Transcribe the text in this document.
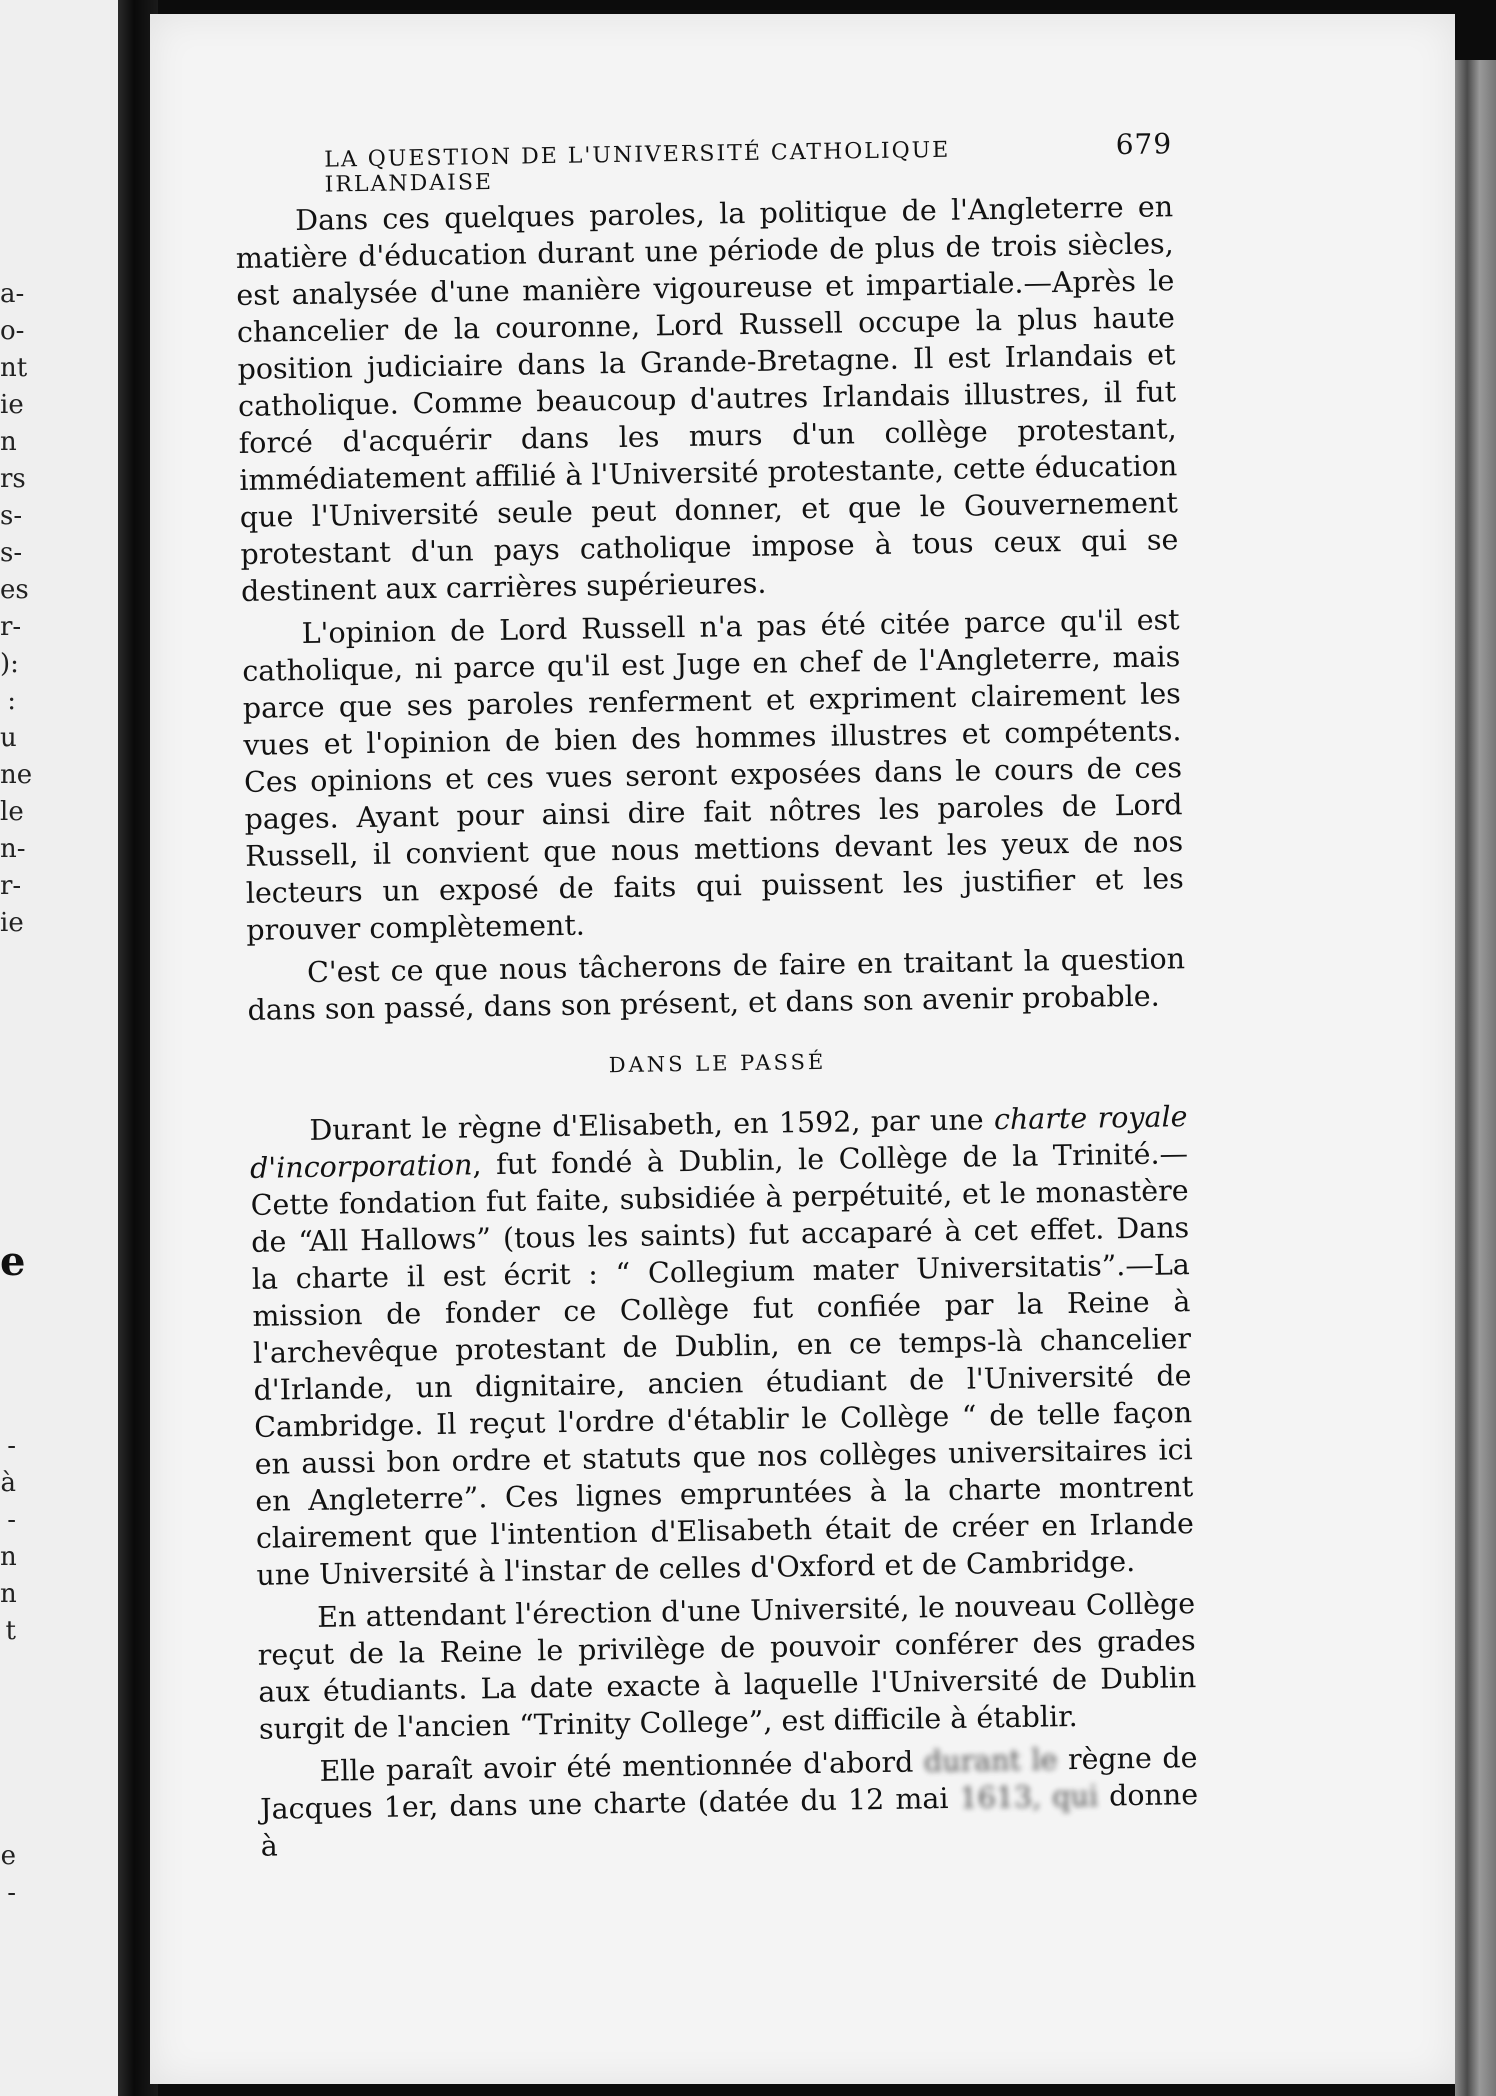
a-
o-
nt
ie
n
rs
s-
s-
es
r-
):
:
u
ne
le
n-
r-
ie
e
-
à
-
n
n
t
e
-
LA QUESTION DE L'UNIVERSITÉ CATHOLIQUE IRLANDAISE
679

Dans ces quelques paroles, la politique de l'Angleterre en matière d'éducation durant une période de plus de trois siècles, est analysée d'une manière vigoureuse et impartiale.—Après le chancelier de la couronne, Lord Russell occupe la plus haute position judiciaire dans la Grande-Bretagne. Il est Irlandais et catholique. Comme beaucoup d'autres Irlandais illustres, il fut forcé d'acquérir dans les murs d'un collège protestant, immédiatement affilié à l'Université protestante, cette éducation que l'Université seule peut donner, et que le Gouvernement protestant d'un pays catholique impose à tous ceux qui se destinent aux carrières supérieures.

L'opinion de Lord Russell n'a pas été citée parce qu'il est catholique, ni parce qu'il est Juge en chef de l'Angleterre, mais parce que ses paroles renferment et expriment clairement les vues et l'opinion de bien des hommes illustres et compétents. Ces opinions et ces vues seront exposées dans le cours de ces pages. Ayant pour ainsi dire fait nôtres les paroles de Lord Russell, il convient que nous mettions devant les yeux de nos lecteurs un exposé de faits qui puissent les justifier et les prouver complètement.

C'est ce que nous tâcherons de faire en traitant la question dans son passé, dans son présent, et dans son avenir probable.

DANS LE PASSÉ

Durant le règne d'Elisabeth, en 1592, par une charte royale d'incorporation, fut fondé à Dublin, le Collège de la Trinité.—Cette fondation fut faite, subsidiée à perpétuité, et le monastère de “All Hallows” (tous les saints) fut accaparé à cet effet. Dans la charte il est écrit : “ Collegium mater Universitatis”.—La mission de fonder ce Collège fut confiée par la Reine à l'archevêque protestant de Dublin, en ce temps-là chancelier d'Irlande, un dignitaire, ancien étudiant de l'Université de Cambridge. Il reçut l'ordre d'établir le Collège “ de telle façon en aussi bon ordre et statuts que nos collèges universitaires ici en Angleterre”. Ces lignes empruntées à la charte montrent clairement que l'intention d'Elisabeth était de créer en Irlande une Université à l'instar de celles d'Oxford et de Cambridge.

En attendant l'érection d'une Université, le nouveau Collège reçut de la Reine le privilège de pouvoir conférer des grades aux étudiants. La date exacte à laquelle l'Université de Dublin surgit de l'ancien “Trinity College”, est difficile à établir.

Elle paraît avoir été mentionnée d'abord durant le règne de Jacques 1er, dans une charte (datée du 12 mai 1613, qui donne à
